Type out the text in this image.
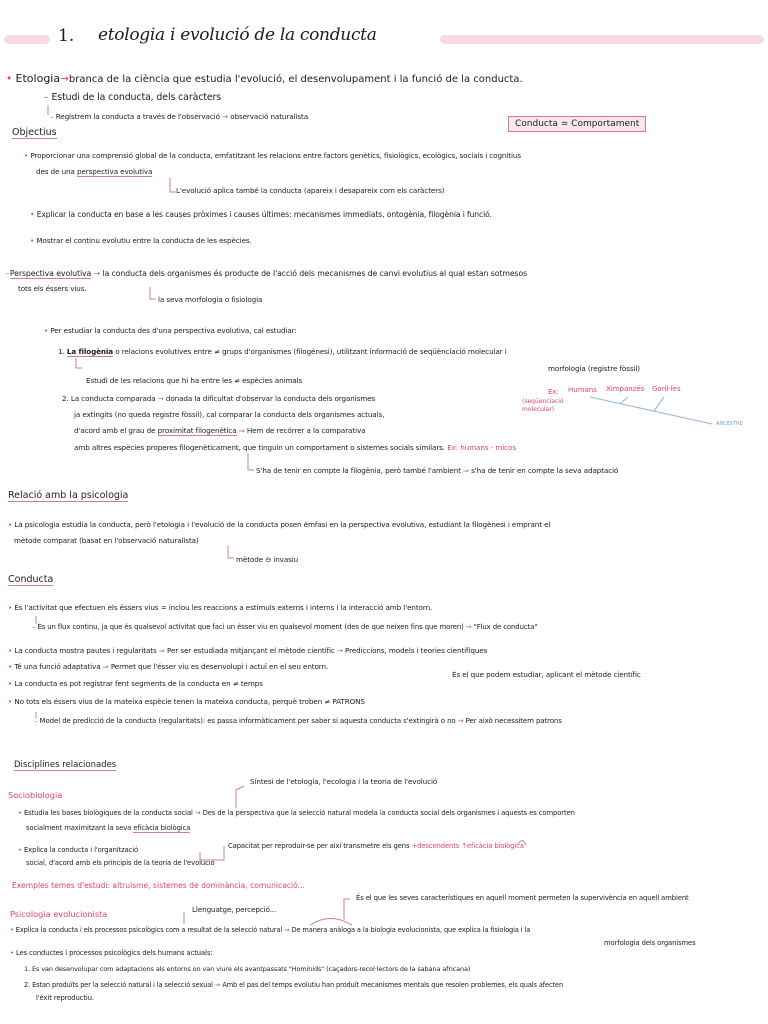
1. etologia i evolució de la conducta
• Etologia→branca de la ciència que estudia l'evolució, el desenvolupament i la funció de la conducta.
– Estudi de la conducta, dels caràcters
– Registrem la conducta a través de l'observació → observació naturalista
Conducta = Comportament
Objectius
• Proporcionar una comprensió global de la conducta, emfatitzant les relacions entre factors genètics, fisiològics, ecològics, socials i cognitius
des de una perspectiva evolutiva
L'evolució aplica també la conducta (apareix i desapareix com els caràcters)
• Explicar la conducta en base a les causes pròximes i causes últimes: mecanismes immediats, ontogènia, filogènia i funció.
• Mostrar el continu evolutiu entre la conducta de les espècies.
–Perspectiva evolutiva → la conducta dels organismes és producte de l'acció dels mecanismes de canvi evolutius al qual estan sotmesos
tots els éssers vius.
la seva morfologia o fisiologia
• Per estudiar la conducta des d'una perspectiva evolutiva, cal estudiar:
1. La filogènia o relacions evolutives entre ≠ grups d'organismes (filogènesi), utilitzant informació de seqüènciació molecular i
morfologia (registre fòssil)
Estudi de les relacions que hi ha entre les ≠ espècies animals
2. La conducta comparada → donada la dificultat d'observar la conducta dels organismes
ja extingits (no queda registre fòssil), cal comparar la conducta dels organismes actuals,
d'acord amb el grau de proximitat filogenètica ⇒ Hem de recórrer a la comparativa
amb altres espècies properes filogenèticament, que tinguin un comportament o sistemes socials similars. Ex: humans - micos
S'ha de tenir en compte la filogènia, però també l'ambient ⇒ s'ha de tenir en compte la seva adaptació
Ex: Humans Ximpanzés Goril·les
(seqüenciació molecular)
ANCESTRE
Relació amb la psicologia
• La psicologia estudia la conducta, però l'etologia i l'evolució de la conducta posen èmfasi en la perspectiva evolutiva, estudiant la filogènesi i emprant el
mètode comparat (basat en l'observació naturalista)
mètode ⊖ invasiu
Conducta
• És l'activitat que efectuen els éssers vius = inclou les reaccions a estímuls externs i interns i la interacció amb l'entorn.
– És un flux continu, ja que és qualsevol activitat que faci un ésser viu en qualsevol moment (des de que neixen fins que moren) → "Flux de conducta"
• La conducta mostra pautes i regularitats ⇒ Per ser estudiada mitjançant el mètode científic → Prediccions, models i teories científiques
• Té una funció adaptativa ⇒ Permet que l'ésser viu es desenvolupi i actuï en el seu entorn.
És el que podem estudiar, aplicant el mètode científic
• La conducta es pot registrar fent segments de la conducta en ≠ temps
• No tots els éssers vius de la mateixa espècie tenen la mateixa conducta, perquè troben ≠ PATRONS
– Model de predicció de la conducta (regularitats): es passa informàticament per saber si aquesta conducta s'extingirà o no → Per això necessitem patrons
Disciplines relacionades
Síntesi de l'etologia, l'ecologia i la teoria de l'evolució
Sociobiologia
• Estudia les bases biològiques de la conducta social → Des de la perspectiva que la selecció natural modela la conducta social dels organismes i aquests es comporten
socialment maximitzant la seva eficàcia biològica
• Explica la conducta i l'organització
social, d'acord amb els principis de la teoria de l'evolució
Capacitat per reproduir-se per així transmetre els gens +descendents ↑eficàcia biològica
Exemples temes d'estudi: altruisme, sistemes de dominància, comunicació...
Llenguatge, percepció...
És el que les seves característiques en aquell moment permeten la supervivència en aquell ambient
Psicologia evolucionista
• Explica la conducta i els processos psicològics com a resultat de la selecció natural ⇒ De manera anàloga a la biologia evolucionista, que explica la fisiologia i la
morfologia dels organismes
• Les conductes i processos psicològics dels humans actuals:
1. Es van desenvolupar com adaptacions als entorns on van viure els avantpassats "Homínids" (caçadors-recol·lectors de la sabana africana)
2. Estan produïts per la selecció natural i la selecció sexual ⇒ Amb el pas del temps evolutiu han produït mecanismes mentals que resolen problemes, els quals afecten
l'èxit reproductiu.
